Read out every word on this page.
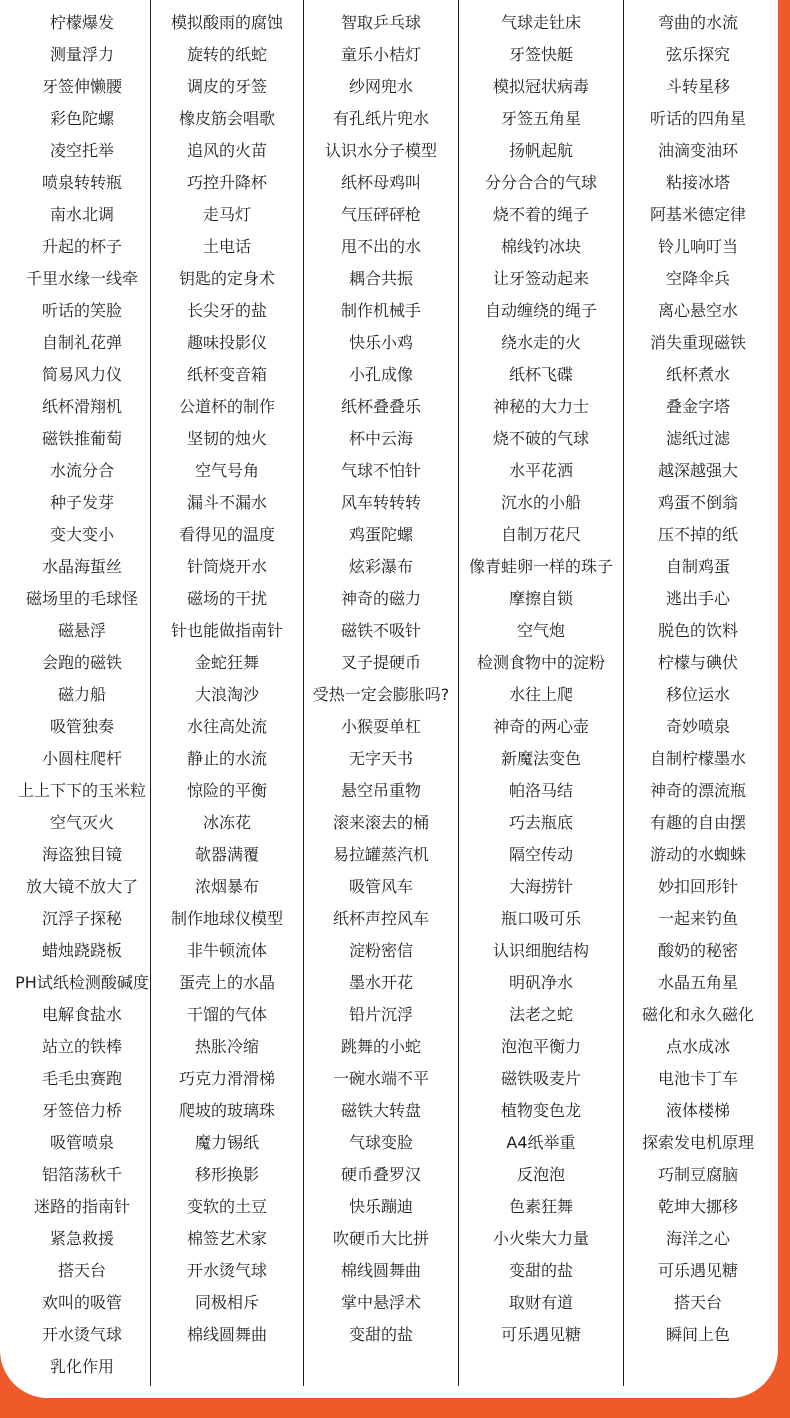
柠檬爆发
测量浮力
牙签伸懒腰
彩色陀螺
凌空托举
喷泉转转瓶
南水北调
升起的杯子
千里水缘一线牵
听话的笑脸
自制礼花弹
简易风力仪
纸杯滑翔机
磁铁推葡萄
水流分合
种子发芽
变大变小
水晶海蜇丝
磁场里的毛球怪
磁悬浮
会跑的磁铁
磁力船
吸管独奏
小圆柱爬杆
上上下下的玉米粒
空气灭火
海盗独目镜
放大镜不放大了
沉浮子探秘
蜡烛跷跷板
PH试纸检测酸碱度
电解食盐水
站立的铁棒
毛毛虫赛跑
牙签倍力桥
吸管喷泉
铝箔荡秋千
迷路的指南针
紧急救援
搭天台
欢叫的吸管
开水烫气球
乳化作用
模拟酸雨的腐蚀
旋转的纸蛇
调皮的牙签
橡皮筋会唱歌
追风的火苗
巧控升降杯
走马灯
土电话
钥匙的定身术
长尖牙的盐
趣味投影仪
纸杯变音箱
公道杯的制作
坚韧的烛火
空气号角
漏斗不漏水
看得见的温度
针筒烧开水
磁场的干扰
针也能做指南针
金蛇狂舞
大浪淘沙
水往高处流
静止的水流
惊险的平衡
冰冻花
欹器满覆
浓烟暴布
制作地球仪模型
非牛顿流体
蛋壳上的水晶
干馏的气体
热胀冷缩
巧克力滑滑梯
爬坡的玻璃珠
魔力锡纸
移形换影
变软的土豆
棉签艺术家
开水烫气球
同极相斥
棉线圆舞曲
智取乒乓球
童乐小桔灯
纱网兜水
有孔纸片兜水
认识水分子模型
纸杯母鸡叫
气压砰砰枪
甩不出的水
耦合共振
制作机械手
快乐小鸡
小孔成像
纸杯叠叠乐
杯中云海
气球不怕针
风车转转转
鸡蛋陀螺
炫彩瀑布
神奇的磁力
磁铁不吸针
叉子提硬币
受热一定会膨胀吗?
小猴耍单杠
无字天书
悬空吊重物
滚来滚去的桶
易拉罐蒸汽机
吸管风车
纸杯声控风车
淀粉密信
墨水开花
铅片沉浮
跳舞的小蛇
一碗水端不平
磁铁大转盘
气球变脸
硬币叠罗汉
快乐蹦迪
吹硬币大比拼
棉线圆舞曲
掌中悬浮术
变甜的盐
气球走钍床
牙签快艇
模拟冠状病毒
牙签五角星
扬帆起航
分分合合的气球
烧不着的绳子
棉线钓冰块
让牙签动起来
自动缠绕的绳子
绕水走的火
纸杯飞碟
神秘的大力士
烧不破的气球
水平花洒
沉水的小船
自制万花尺
像青蛙卵一样的珠子
摩擦自锁
空气炮
检测食物中的淀粉
水往上爬
神奇的两心壶
新魔法变色
帕洛马结
巧去瓶底
隔空传动
大海捞针
瓶口吸可乐
认识细胞结构
明矾净水
法老之蛇
泡泡平衡力
磁铁吸麦片
植物变色龙
A4纸举重
反泡泡
色素狂舞
小火柴大力量
变甜的盐
取财有道
可乐遇见糖
弯曲的水流
弦乐探究
斗转星移
听话的四角星
油滴变油环
粘接冰塔
阿基米德定律
铃儿响叮当
空降伞兵
离心悬空水
消失重现磁铁
纸杯煮水
叠金字塔
滤纸过滤
越深越强大
鸡蛋不倒翁
压不掉的纸
自制鸡蛋
逃出手心
脱色的饮料
柠檬与碘伏
移位运水
奇妙喷泉
自制柠檬墨水
神奇的漂流瓶
有趣的自由摆
游动的水蜘蛛
妙扣回形针
一起来钓鱼
酸奶的秘密
水晶五角星
磁化和永久磁化
点水成冰
电池卡丁车
液体楼梯
探索发电机原理
巧制豆腐脑
乾坤大挪移
海洋之心
可乐遇见糖
搭天台
瞬间上色
